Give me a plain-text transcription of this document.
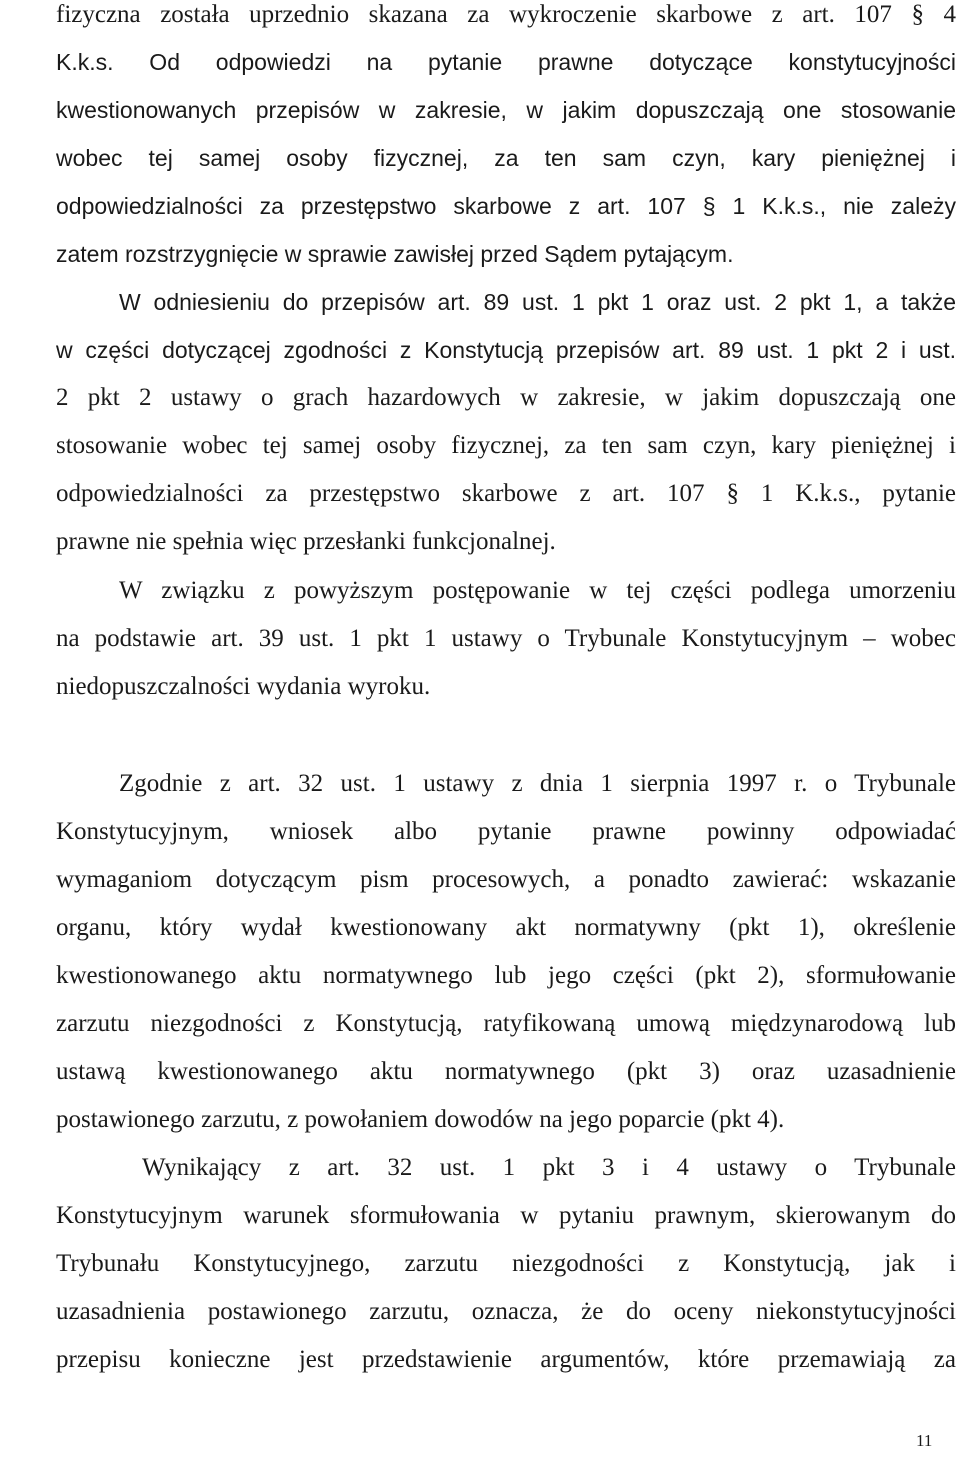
fizyczna została uprzednio skazana za wykroczenie skarbowe z art. 107 § 4
K.k.s. Od odpowiedzi na pytanie prawne dotyczące konstytucyjności
kwestionowanych przepisów w zakresie, w jakim dopuszczają one stosowanie
wobec tej samej osoby fizycznej, za ten sam czyn, kary pieniężnej i
odpowiedzialności za przestępstwo skarbowe z art. 107 § 1 K.k.s., nie zależy
zatem rozstrzygnięcie w sprawie zawisłej przed Sądem pytającym.
W odniesieniu do przepisów art. 89 ust. 1 pkt 1 oraz ust. 2 pkt 1, a także
w części dotyczącej zgodności z Konstytucją przepisów art. 89 ust. 1 pkt 2 i ust.
2 pkt 2 ustawy o grach hazardowych w zakresie, w jakim dopuszczają one
stosowanie wobec tej samej osoby fizycznej, za ten sam czyn, kary pieniężnej i
odpowiedzialności za przestępstwo skarbowe z art. 107 § 1 K.k.s., pytanie
prawne nie spełnia więc przesłanki funkcjonalnej.
W związku z powyższym postępowanie w tej części podlega umorzeniu
na podstawie art. 39 ust. 1 pkt 1 ustawy o Trybunale Konstytucyjnym – wobec
niedopuszczalności wydania wyroku.
Zgodnie z art. 32 ust. 1 ustawy z dnia 1 sierpnia 1997 r. o Trybunale
Konstytucyjnym, wniosek albo pytanie prawne powinny odpowiadać
wymaganiom dotyczącym pism procesowych, a ponadto zawierać: wskazanie
organu, który wydał kwestionowany akt normatywny (pkt 1), określenie
kwestionowanego aktu normatywnego lub jego części (pkt 2), sformułowanie
zarzutu niezgodności z Konstytucją, ratyfikowaną umową międzynarodową lub
ustawą kwestionowanego aktu normatywnego (pkt 3) oraz uzasadnienie
postawionego zarzutu, z powołaniem dowodów na jego poparcie (pkt 4).
Wynikający z art. 32 ust. 1 pkt 3 i 4 ustawy o Trybunale
Konstytucyjnym warunek sformułowania w pytaniu prawnym, skierowanym do
Trybunału Konstytucyjnego, zarzutu niezgodności z Konstytucją, jak i
uzasadnienia postawionego zarzutu, oznacza, że do oceny niekonstytucyjności
przepisu konieczne jest przedstawienie argumentów, które przemawiają za
11
